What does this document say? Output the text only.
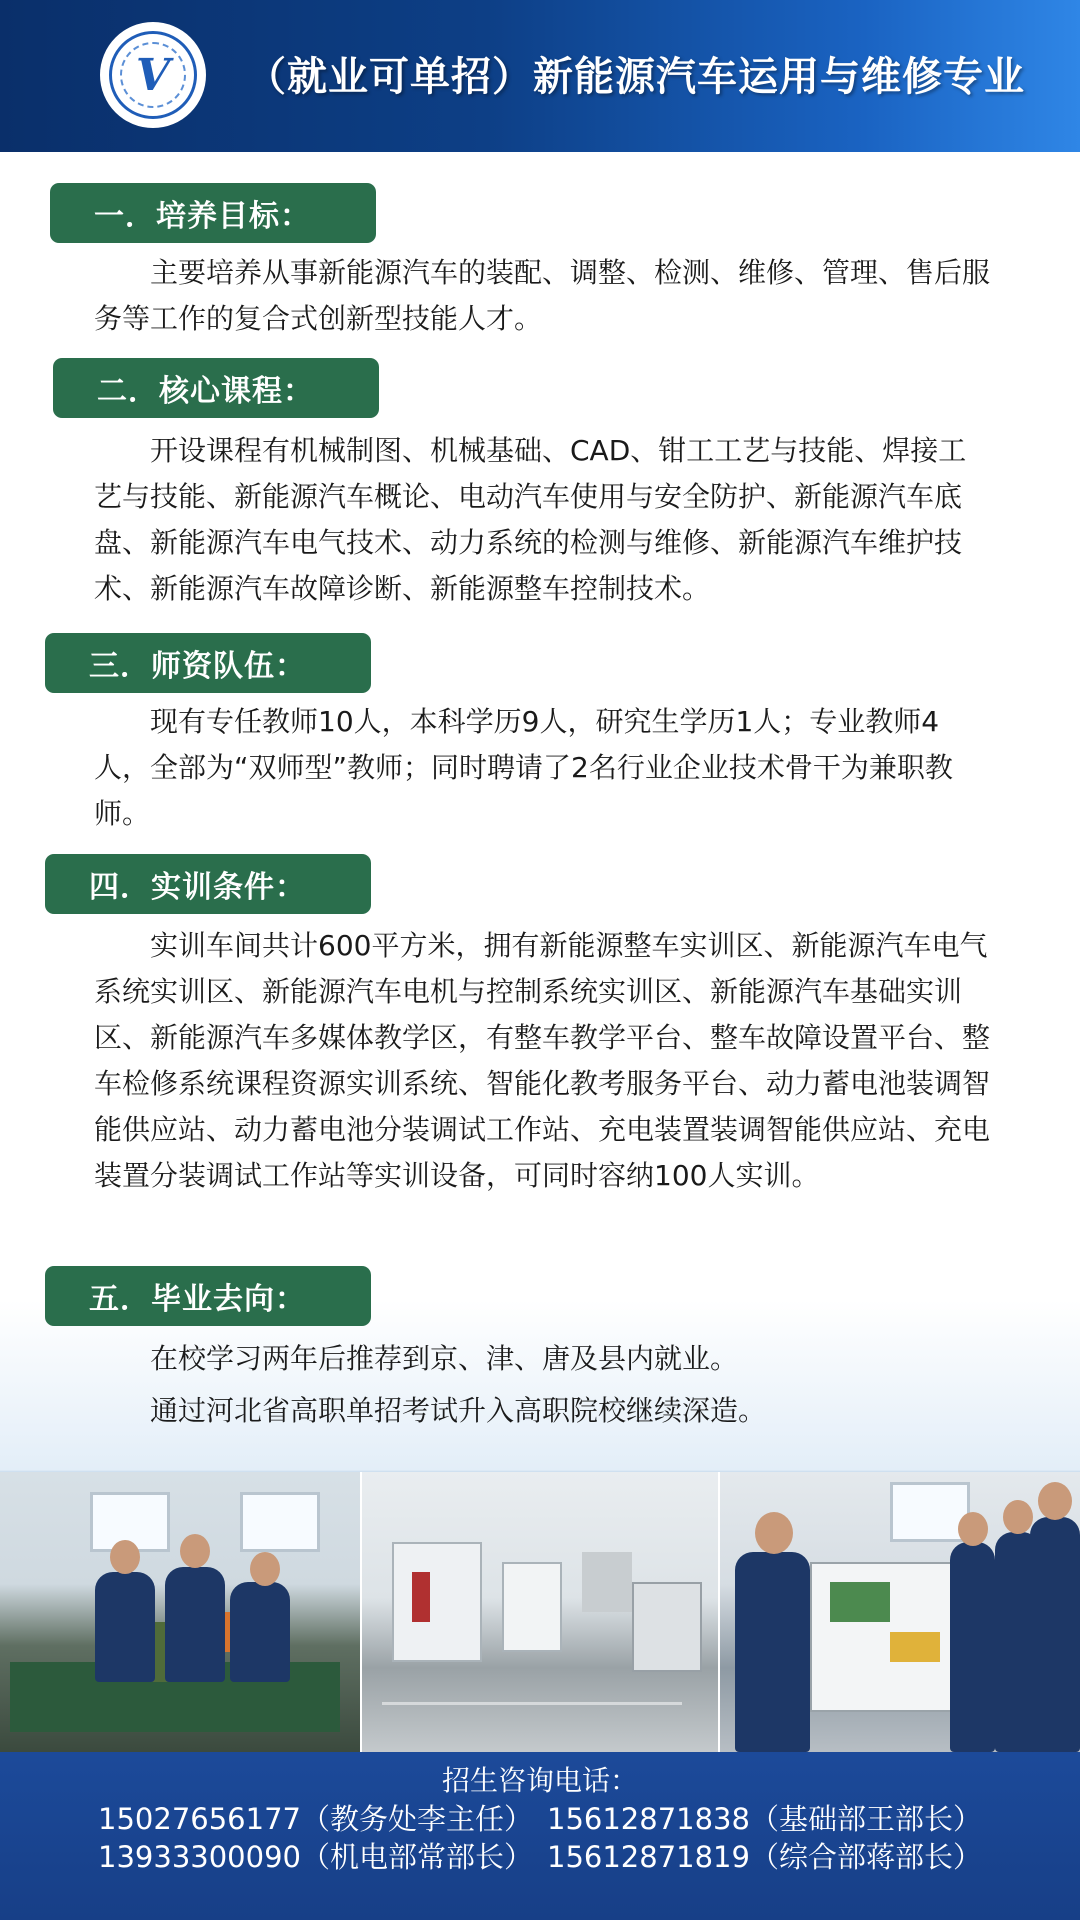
V （就业可单招）新能源汽车运用与维修专业
一．培养目标：

主要培养从事新能源汽车的装配、调整、检测、维修、管理、售后服务等工作的复合式创新型技能人才。

二．核心课程：

开设课程有机械制图、机械基础、CAD、钳工工艺与技能、焊接工艺与技能、新能源汽车概论、电动汽车使用与安全防护、新能源汽车底盘、新能源汽车电气技术、动力系统的检测与维修、新能源汽车维护技术、新能源汽车故障诊断、新能源整车控制技术。

三．师资队伍：

现有专任教师10人，本科学历9人，研究生学历1人；专业教师4人，全部为“双师型”教师；同时聘请了2名行业企业技术骨干为兼职教师。

四．实训条件：

实训车间共计600平方米，拥有新能源整车实训区、新能源汽车电气系统实训区、新能源汽车电机与控制系统实训区、新能源汽车基础实训区、新能源汽车多媒体教学区，有整车教学平台、整车故障设置平台、整车检修系统课程资源实训系统、智能化教考服务平台、动力蓄电池装调智能供应站、动力蓄电池分装调试工作站、充电装置装调智能供应站、充电装置分装调试工作站等实训设备，可同时容纳100人实训。

五．毕业去向：

在校学习两年后推荐到京、津、唐及县内就业。

通过河北省高职单招考试升入高职院校继续深造。

招生咨询电话：
15027656177（教务处李主任） 15612871838（基础部王部长）
13933300090（机电部常部长） 15612871819（综合部蒋部长）
